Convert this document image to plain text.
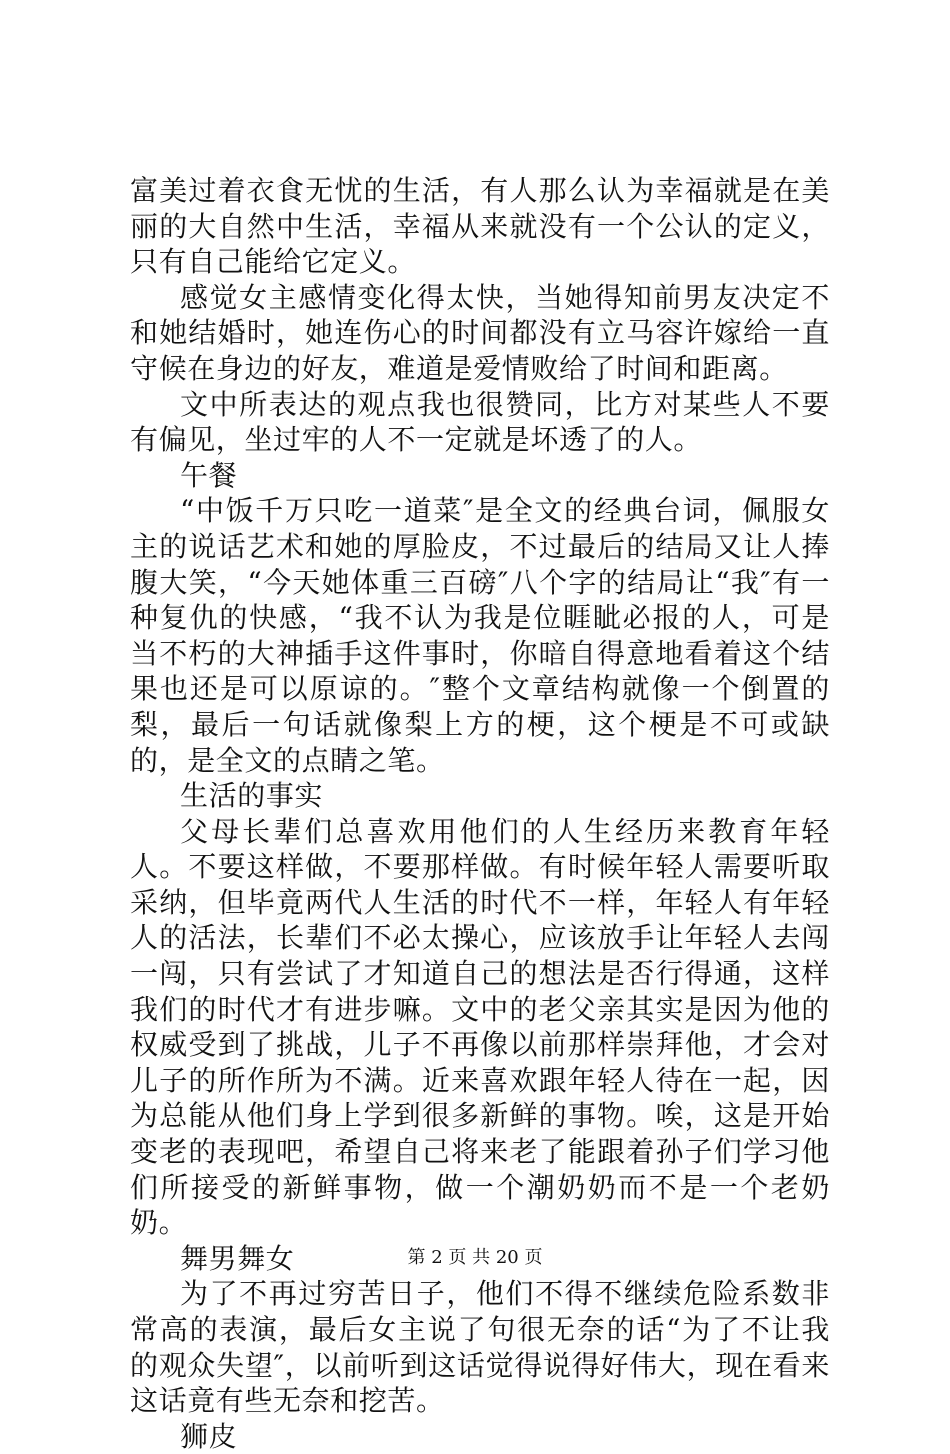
富美过着衣食无忧的生活，有人那么认为幸福就是在美丽的大自然中生活，幸福从来就没有一个公认的定义，只有自己能给它定义。

感觉女主感情变化得太快，当她得知前男友决定不和她结婚时，她连伤心的时间都没有立马容许嫁给一直守候在身边的好友，难道是爱情败给了时间和距离。

文中所表达的观点我也很赞同，比方对某些人不要有偏见，坐过牢的人不一定就是坏透了的人。

午餐

“中饭千万只吃一道菜″是全文的经典台词，佩服女主的说话艺术和她的厚脸皮，不过最后的结局又让人捧腹大笑，“今天她体重三百磅″八个字的结局让“我″有一种复仇的快感，“我不认为我是位睚眦必报的人，可是当不朽的大神插手这件事时，你暗自得意地看着这个结果也还是可以原谅的。″整个文章结构就像一个倒置的梨，最后一句话就像梨上方的梗，这个梗是不可或缺的，是全文的点睛之笔。

生活的事实

父母长辈们总喜欢用他们的人生经历来教育年轻人。不要这样做，不要那样做。有时候年轻人需要听取采纳，但毕竟两代人生活的时代不一样，年轻人有年轻人的活法，长辈们不必太操心，应该放手让年轻人去闯一闯，只有尝试了才知道自己的想法是否行得通，这样我们的时代才有进步嘛。文中的老父亲其实是因为他的权威受到了挑战，儿子不再像以前那样崇拜他，才会对儿子的所作所为不满。近来喜欢跟年轻人待在一起，因为总能从他们身上学到很多新鲜的事物。唉，这是开始变老的表现吧，希望自己将来老了能跟着孙子们学习他们所接受的新鲜事物，做一个潮奶奶而不是一个老奶奶。

舞男舞女

为了不再过穷苦日子，他们不得不继续危险系数非常高的表演，最后女主说了句很无奈的话“为了不让我的观众失望″，以前听到这话觉得说得好伟大，现在看来这话竟有些无奈和挖苦。

狮皮

第 2 页 共 20 页
